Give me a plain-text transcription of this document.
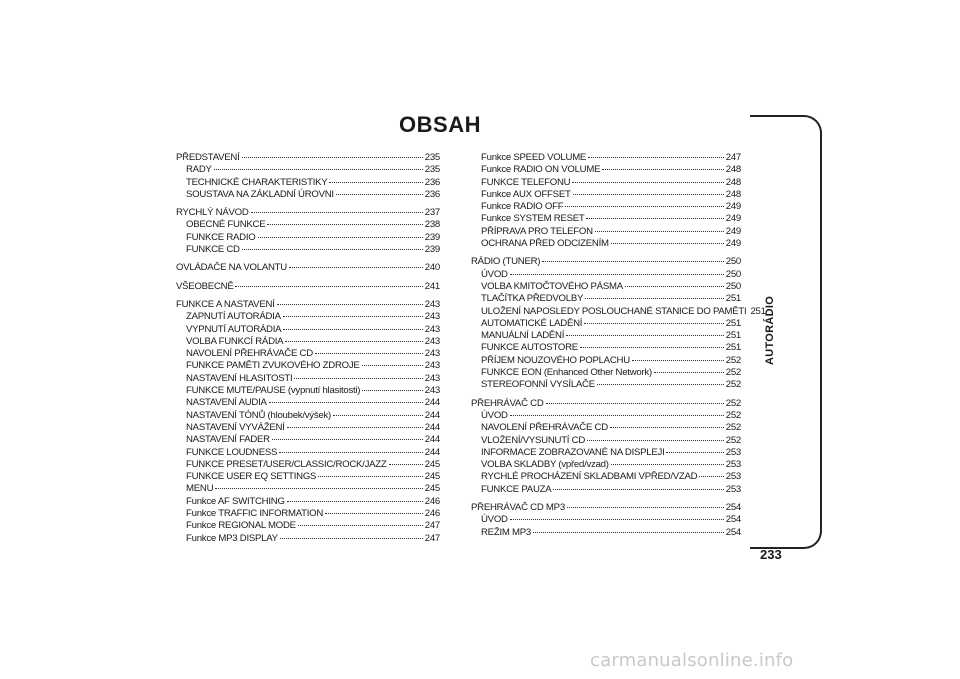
OBSAH
PŘEDSTAVENÍ	235
RADY	235
TECHNICKÉ CHARAKTERISTIKY	236
SOUSTAVA NA ZÁKLADNÍ ÚROVNI	236
RYCHLÝ NÁVOD	237
OBECNÉ FUNKCE	238
FUNKCE RADIO	239
FUNKCE CD	239
OVLÁDAČE NA VOLANTU	240
VŠEOBECNĚ	241
FUNKCE A NASTAVENÍ	243
ZAPNUTÍ AUTORÁDIA	243
VYPNUTÍ AUTORÁDIA	243
VOLBA FUNKCÍ RÁDIA	243
NAVOLENÍ PŘEHRÁVAČE CD	243
FUNKCE PAMĚTI ZVUKOVÉHO ZDROJE	243
NASTAVENÍ HLASITOSTI	243
FUNKCE MUTE/PAUSE (vypnutí hlasitosti)	243
NASTAVENÍ AUDIA	244
NASTAVENÍ TÓNŮ (hloubek/výšek)	244
NASTAVENÍ VYVÁŽENÍ	244
NASTAVENÍ FADER	244
FUNKCE LOUDNESS	244
FUNKCE PRESET/USER/CLASSIC/ROCK/JAZZ	245
FUNKCE USER EQ SETTINGS	245
MENU	245
Funkce AF SWITCHING	246
Funkce TRAFFIC INFORMATION	246
Funkce REGIONAL MODE	247
Funkce MP3 DISPLAY	247
Funkce SPEED VOLUME	247
Funkce RADIO ON VOLUME	248
FUNKCE TELEFONU	248
Funkce AUX OFFSET	248
Funkce RADIO OFF	249
Funkce SYSTEM RESET	249
PŘÍPRAVA PRO TELEFON	249
OCHRANA PŘED ODCIZENÍM	249
RÁDIO (TUNER)	250
ÚVOD	250
VOLBA KMITOČTOVÉHO PÁSMA	250
TLAČÍTKA PŘEDVOLBY	251
ULOŽENÍ NAPOSLEDY POSLOUCHANÉ STANICE DO PAMĚTI 251
AUTOMATICKÉ LADĚNÍ	251
MANUÁLNÍ LADĚNÍ	251
FUNKCE AUTOSTORE	251
PŘÍJEM NOUZOVÉHO POPLACHU	252
FUNKCE EON (Enhanced Other Network)	252
STEREOFONNÍ VYSÍLAČE	252
PŘEHRÁVAČ CD	252
ÚVOD	252
NAVOLENÍ PŘEHRÁVAČE CD	252
VLOŽENÍ/VYSUNUTÍ CD	252
INFORMACE ZOBRAZOVANÉ NA DISPLEJI	253
VOLBA SKLADBY (vpřed/vzad)	253
RYCHLÉ PROCHÁZENÍ SKLADBAMI VPŘED/VZAD	253
FUNKCE PAUZA	253
PŘEHRÁVAČ CD MP3	254
ÚVOD	254
REŽIM MP3	254
AUTORÁDIO
233
carmanualsonline.info
